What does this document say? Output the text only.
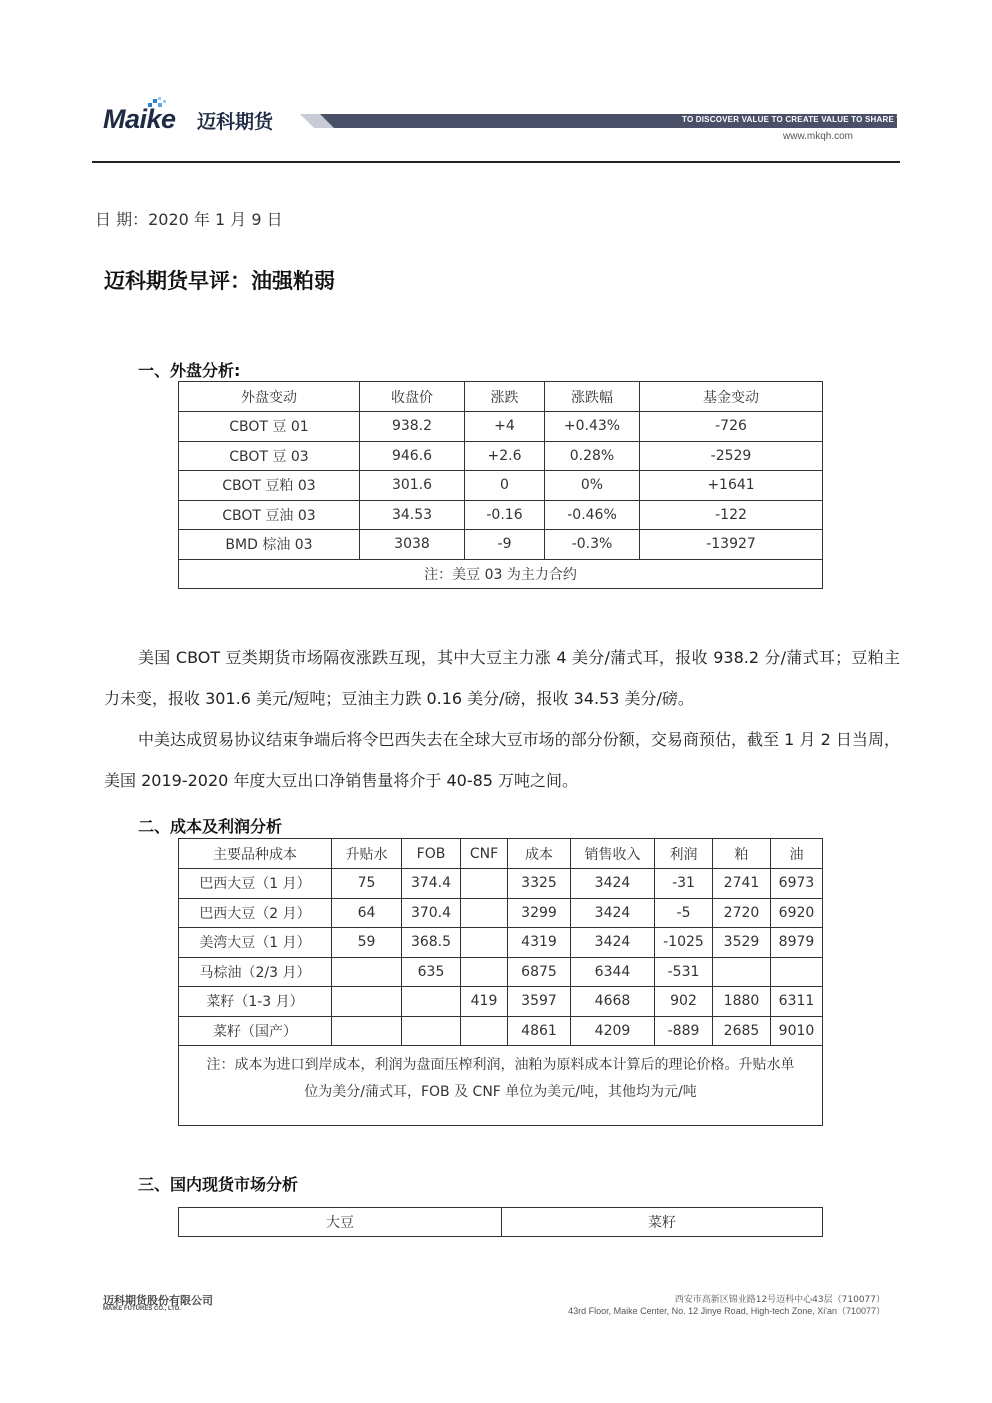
Maike 迈科期货	TO DISCOVER VALUE TO CREATE VALUE TO SHARE VALUE
www.mkqh.com
日 期：2020 年 1 月 9 日
迈科期货早评：油强粕弱
一、外盘分析:
外盘变动	收盘价	涨跌	涨跌幅	基金变动
CBOT 豆 01	938.2	+4	+0.43%	-726
CBOT 豆 03	946.6	+2.6	0.28%	-2529
CBOT 豆粕 03	301.6	0	0%	+1641
CBOT 豆油 03	34.53	-0.16	-0.46%	-122
BMD 棕油 03	3038	-9	-0.3%	-13927
注：美豆 03 为主力合约				

美国 CBOT 豆类期货市场隔夜涨跌互现，其中大豆主力涨 4 美分/蒲式耳，报收 938.2 分/蒲式耳；豆粕主力未变，报收 301.6 美元/短吨；豆油主力跌 0.16 美分/磅，报收 34.53 美分/磅。

中美达成贸易协议结束争端后将令巴西失去在全球大豆市场的部分份额，交易商预估，截至 1 月 2 日当周，美国 2019-2020 年度大豆出口净销售量将介于 40-85 万吨之间。

二、成本及利润分析
主要品种成本	升贴水	FOB	CNF	成本	销售收入	利润	粕	油
巴西大豆（1 月）	75	374.4		3325	3424	-31	2741	6973
巴西大豆（2 月）	64	370.4		3299	3424	-5	2720	6920
美湾大豆（1 月）	59	368.5		4319	3424	-1025	3529	8979
马棕油（2/3 月）		635		6875	6344	-531		
菜籽（1-3 月）			419	3597	4668	902	1880	6311
菜籽（国产）				4861	4209	-889	2685	9010

注：成本为进口到岸成本，利润为盘面压榨利润，油粕为原料成本计算后的理论价格。升贴水单
位为美分/蒲式耳，FOB 及 CNF 单位为美元/吨，其他均为元/吨								
三、国内现货市场分析
大豆	菜籽
迈科期货股份有限公司
MAIKE FUTURES CO., LTD.
西安市高新区锦业路12号迈科中心43层（710077）
43rd Floor, Maike Center, No. 12 Jinye Road, High-tech Zone, Xi'an（710077）
